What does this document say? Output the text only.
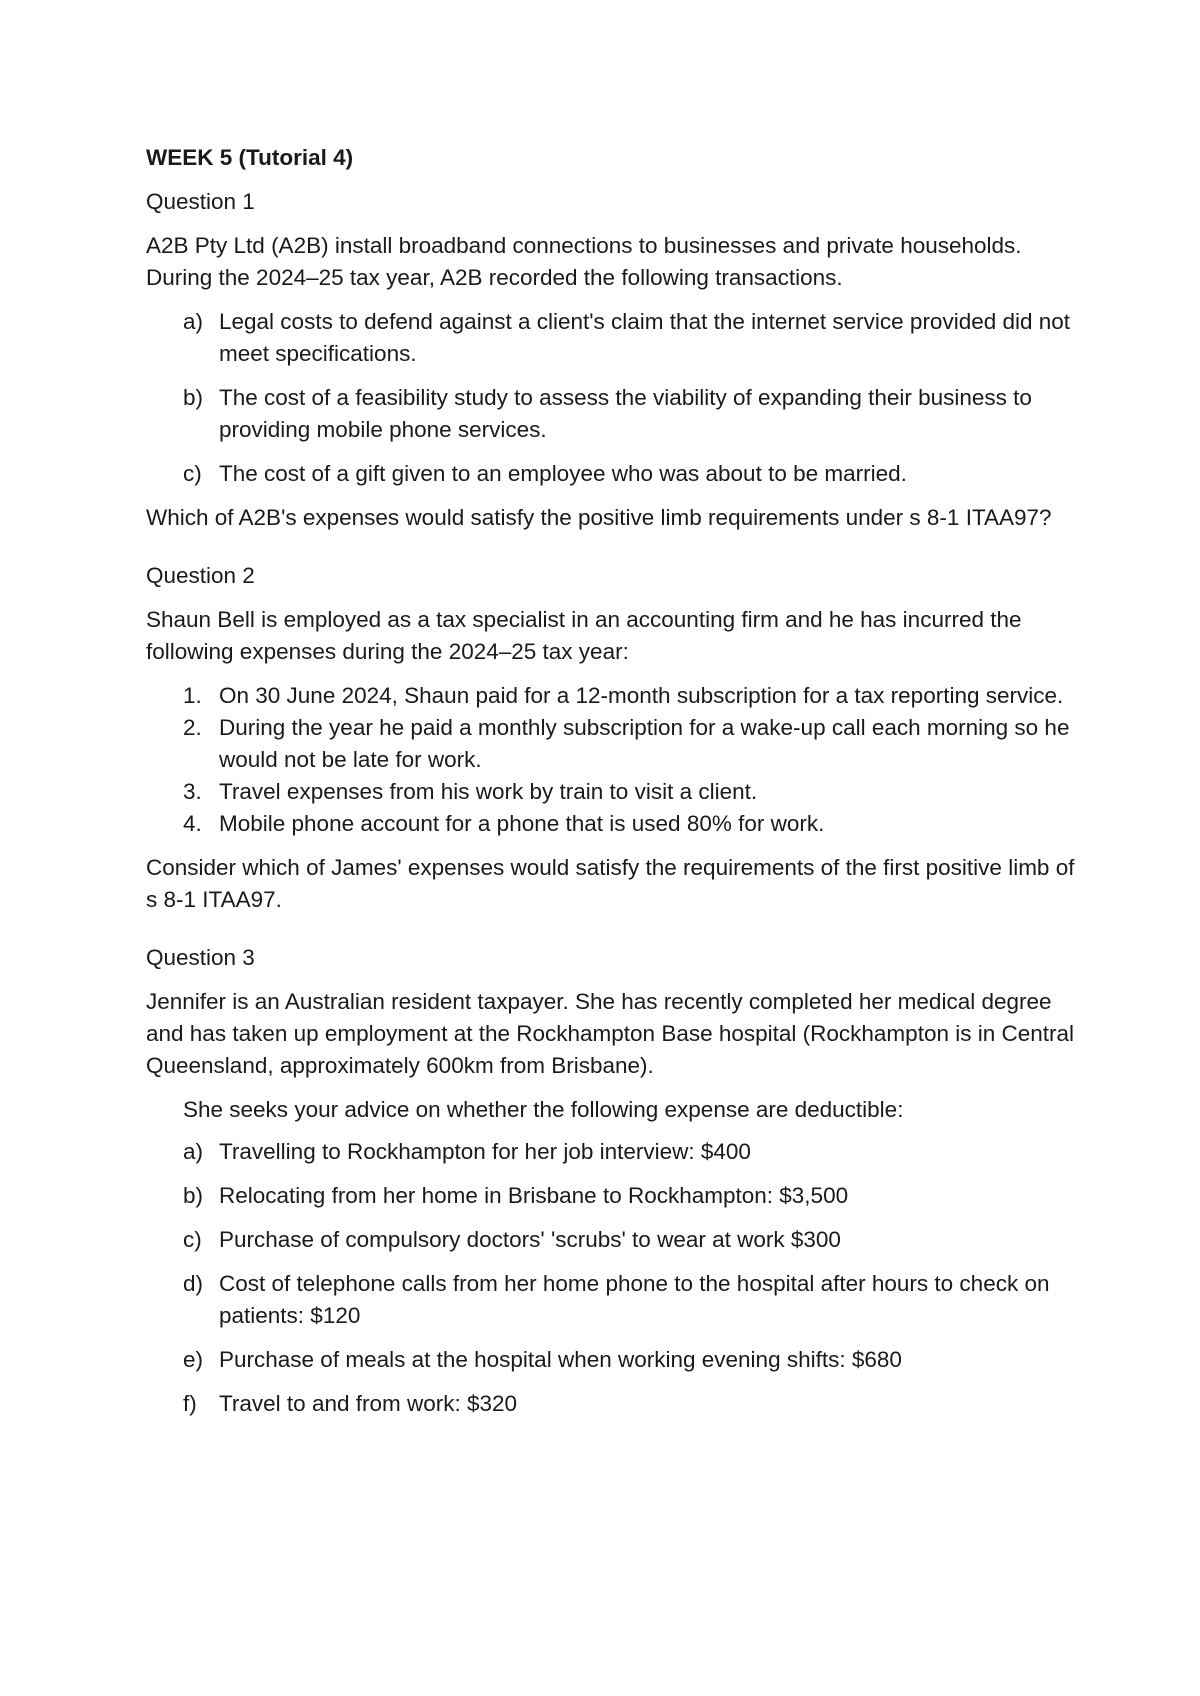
WEEK 5 (Tutorial 4)
Question 1
A2B Pty Ltd (A2B) install broadband connections to businesses and private households. During the 2024–25 tax year, A2B recorded the following transactions.
a) Legal costs to defend against a client's claim that the internet service provided did not meet specifications.
b) The cost of a feasibility study to assess the viability of expanding their business to providing mobile phone services.
c) The cost of a gift given to an employee who was about to be married.
Which of A2B's expenses would satisfy the positive limb requirements under s 8-1 ITAA97?
Question 2
Shaun Bell is employed as a tax specialist in an accounting firm and he has incurred the following expenses during the 2024–25 tax year:
1. On 30 June 2024, Shaun paid for a 12-month subscription for a tax reporting service.
2. During the year he paid a monthly subscription for a wake-up call each morning so he would not be late for work.
3. Travel expenses from his work by train to visit a client.
4. Mobile phone account for a phone that is used 80% for work.
Consider which of James' expenses would satisfy the requirements of the first positive limb of s 8-1 ITAA97.
Question 3
Jennifer is an Australian resident taxpayer. She has recently completed her medical degree and has taken up employment at the Rockhampton Base hospital (Rockhampton is in Central Queensland, approximately 600km from Brisbane).
She seeks your advice on whether the following expense are deductible:
a) Travelling to Rockhampton for her job interview: $400
b) Relocating from her home in Brisbane to Rockhampton: $3,500
c) Purchase of compulsory doctors' 'scrubs' to wear at work $300
d) Cost of telephone calls from her home phone to the hospital after hours to check on patients: $120
e) Purchase of meals at the hospital when working evening shifts: $680
f) Travel to and from work: $320
